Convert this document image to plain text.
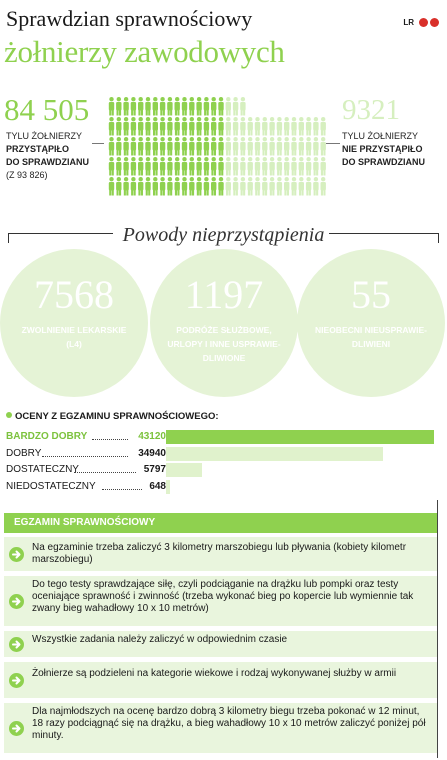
Sprawdzian sprawnościowy
żołnierzy zawodowych
LR
84 505
TYLU ŻOŁNIERZY
PRZYSTĄPIŁO
DO SPRAWDZIANU
(Z 93 826)
9321
TYLU ŻOŁNIERZY
NIE PRZYSTĄPIŁO
DO SPRAWDZIANU
Powody nieprzystąpienia
7568
ZWOLNIENIE LEKARSKIE (L4)
1197
PODRÓŻE SŁUŻBOWE, URLOPY I INNE USPRAWIE-DLIWIONE
55
NIEOBECNI NIEUSPRAWIE-DLIWIENI
OCENY Z EGZAMINU SPRAWNOŚCIOWEGO:
BARDZO DOBRY	43120
DOBRY	34940
DOSTATECZNY	5797
NIEDOSTATECZNY	648
EGZAMIN SPRAWNOŚCIOWY
Na egzaminie trzeba zaliczyć 3 kilometry marszobiegu lub pływania (kobiety kilometr marszobiegu)
Do tego testy sprawdzające siłę, czyli podciąganie na drążku lub pompki oraz testy oceniające sprawność i zwinność (trzeba wykonać bieg po kopercie lub wymiennie tak zwany bieg wahadłowy 10 x 10 metrów)
Wszystkie zadania należy zaliczyć w odpowiednim czasie
Żołnierze są podzieleni na kategorie wiekowe i rodzaj wykonywanej służby w armii
Dla najmłodszych na ocenę bardzo dobrą 3 kilometry biegu trzeba pokonać w 12 minut, 18 razy podciągnąć się na drążku, a bieg wahadłowy 10 x 10 metrów zaliczyć poniżej pół minuty.
